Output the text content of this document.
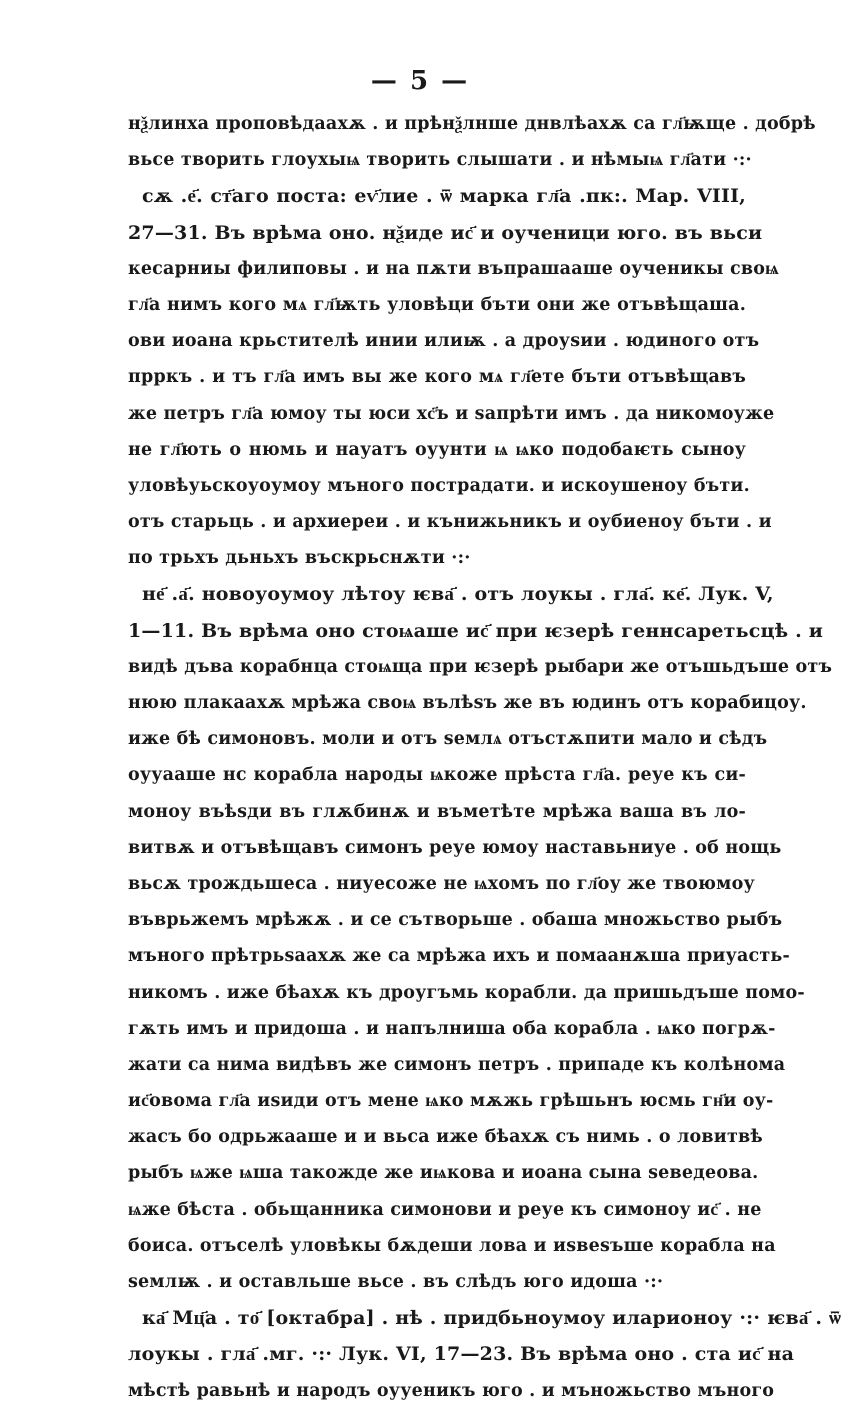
— 5 —
нѯлинха проповѣдаахѫ . и прѣнѯлнше днвлѣахѫ са гл҃ѭще . добрѣ
вьсе творить глоухыѩ творить слышати . и нѣмыѩ гл҃ати ·:·
сѫ .е҃. ст҃аго поста: еѵ҃лие . ѿ марка гл҃а .пк:. Мар. VIII,
27—31. Въ врѣма оно. нѯиде ис҃ и оученици юго. въ вьси
кесарниы филиповы . и на пѫти въпрашааше оученикы своѩ
гл҃а нимъ кого мѧ гл҃ѭть уловѣци бъти они же отъвѣщаша.
ови иоана крьстителѣ инии илиѭ . а дроуѕии . юдиного отъ
прркъ . и тъ гл҃а имъ вы же кого мѧ гл҃ете бъти отъвѣщавъ
же петръ гл҃а юмоу ты юси хс҃ъ и ѕапрѣти имъ . да никомоуже
не гл҃ють о нюмь и науатъ оуунти ѩ ѩко подобаѥть сыноу
уловѣуьскоуоумоу мъного пострадати. и искоушеноу бъти.
отъ старьць . и архиереи . и кънижьникъ и оубиеноу бъти . и
по трьхъ дьньхъ въскрьснѫти ·:·
не҃ .а҃. новоуоумоу лѣтоу ѥва҃ . отъ лоукы . гла҃. ке҃. Лук. V,
1—11. Въ врѣма оно стоѩаше ис҃ при ѥзерѣ геннсаретьсцѣ . и
видѣ дъва корабнца стоѩща при ѥзерѣ рыбари же отъшьдъше отъ
нюю плакаахѫ мрѣжа своѩ вълѣѕъ же въ юдинъ отъ корабицоу.
иже бѣ симоновъ. моли и отъ ѕемлѧ отъстѫпити мало и сѣдъ
оууааше нс корабла народы ѩкоже прѣста гл҃а. реуе къ си-
моноу въѣѕди въ глѫбинѫ и въметѣте мрѣжа ваша въ ло-
витвѫ и отъвѣщавъ симонъ реуе юмоу наставьниуе . об нощь
вьсѫ трождьшеса . ниуесоже не ѩхомъ по гл҃оу же твоюмоу
въврьжемъ мрѣжѫ . и се сътворьше . обаша множьство рыбъ
мъного прѣтрьѕаахѫ же са мрѣжа ихъ и помаанѫша приуасть-
никомъ . иже бѣахѫ къ дроугъмь корабли. да пришьдъше помо-
гѫть имъ и придоша . и напълниша оба корабла . ѩко погрѫ-
жати са нима видѣвъ же симонъ петръ . припаде къ колѣнома
ис҃овома гл҃а иѕиди отъ мене ѩко мѫжь грѣшьнъ юсмь гн҃и оу-
жасъ бо одрьжааше и и вьса иже бѣахѫ съ нимь . о ловитвѣ
рыбъ ѩже ѩша такожде же иѩкова и иоана сына ѕеведеова.
ѩже бѣста . обьщанника симонови и реуе къ симоноу ис҃ . не
боиса. отъселѣ уловѣкы бѫдеши лова и иѕвеѕъше корабла на
ѕемлѭ . и оставльше вьсе . въ слѣдъ юго идоша ·:·
ка҃ Мц҃а . то҃ [октабра] . нѣ . придбьноумоу иларионоу ·:· ѥва҃ . ѿ
лоукы . гла҃ .мг. ·:· Лук. VI, 17—23. Въ врѣма оно . ста ис҃ на
мѣстѣ равьнѣ и народъ оууеникъ юго . и мъножьство мъного
